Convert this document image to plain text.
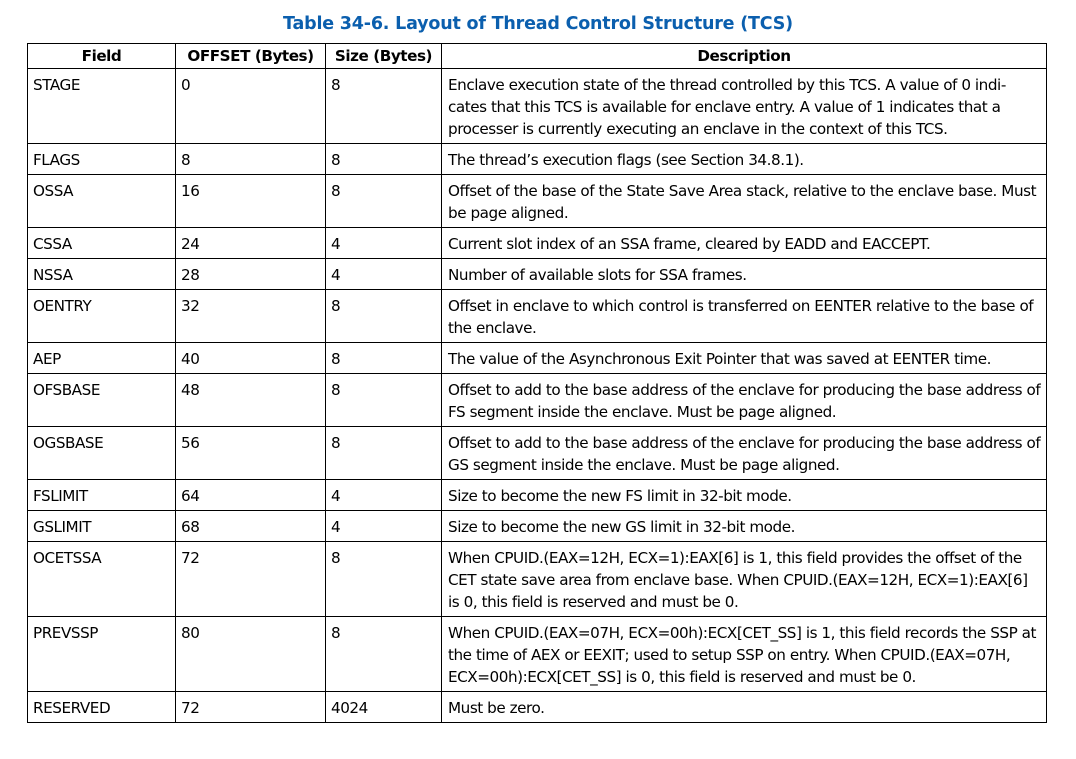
Table 34-6. Layout of Thread Control Structure (TCS)
Field	OFFSET (Bytes)	Size (Bytes)	Description
STAGE	0	8	Enclave execution state of the thread controlled by this TCS. A value of 0 indi-cates that this TCS is available for enclave entry. A value of 1 indicates that a processer is currently executing an enclave in the context of this TCS.
FLAGS	8	8	The thread’s execution flags (see Section 34.8.1).
OSSA	16	8	Offset of the base of the State Save Area stack, relative to the enclave base. Must be page aligned.
CSSA	24	4	Current slot index of an SSA frame, cleared by EADD and EACCEPT.
NSSA	28	4	Number of available slots for SSA frames.
OENTRY	32	8	Offset in enclave to which control is transferred on EENTER relative to the base of the enclave.
AEP	40	8	The value of the Asynchronous Exit Pointer that was saved at EENTER time.
OFSBASE	48	8	Offset to add to the base address of the enclave for producing the base address of FS segment inside the enclave. Must be page aligned.
OGSBASE	56	8	Offset to add to the base address of the enclave for producing the base address of GS segment inside the enclave. Must be page aligned.
FSLIMIT	64	4	Size to become the new FS limit in 32-bit mode.
GSLIMIT	68	4	Size to become the new GS limit in 32-bit mode.
OCETSSA	72	8	When CPUID.(EAX=12H, ECX=1):EAX[6] is 1, this field provides the offset of the CET state save area from enclave base. When CPUID.(EAX=12H, ECX=1):EAX[6] is 0, this field is reserved and must be 0.
PREVSSP	80	8	When CPUID.(EAX=07H, ECX=00h):ECX[CET_SS] is 1, this field records the SSP at the time of AEX or EEXIT; used to setup SSP on entry. When CPUID.(EAX=07H, ECX=00h):ECX[CET_SS] is 0, this field is reserved and must be 0.
RESERVED	72	4024	Must be zero.
